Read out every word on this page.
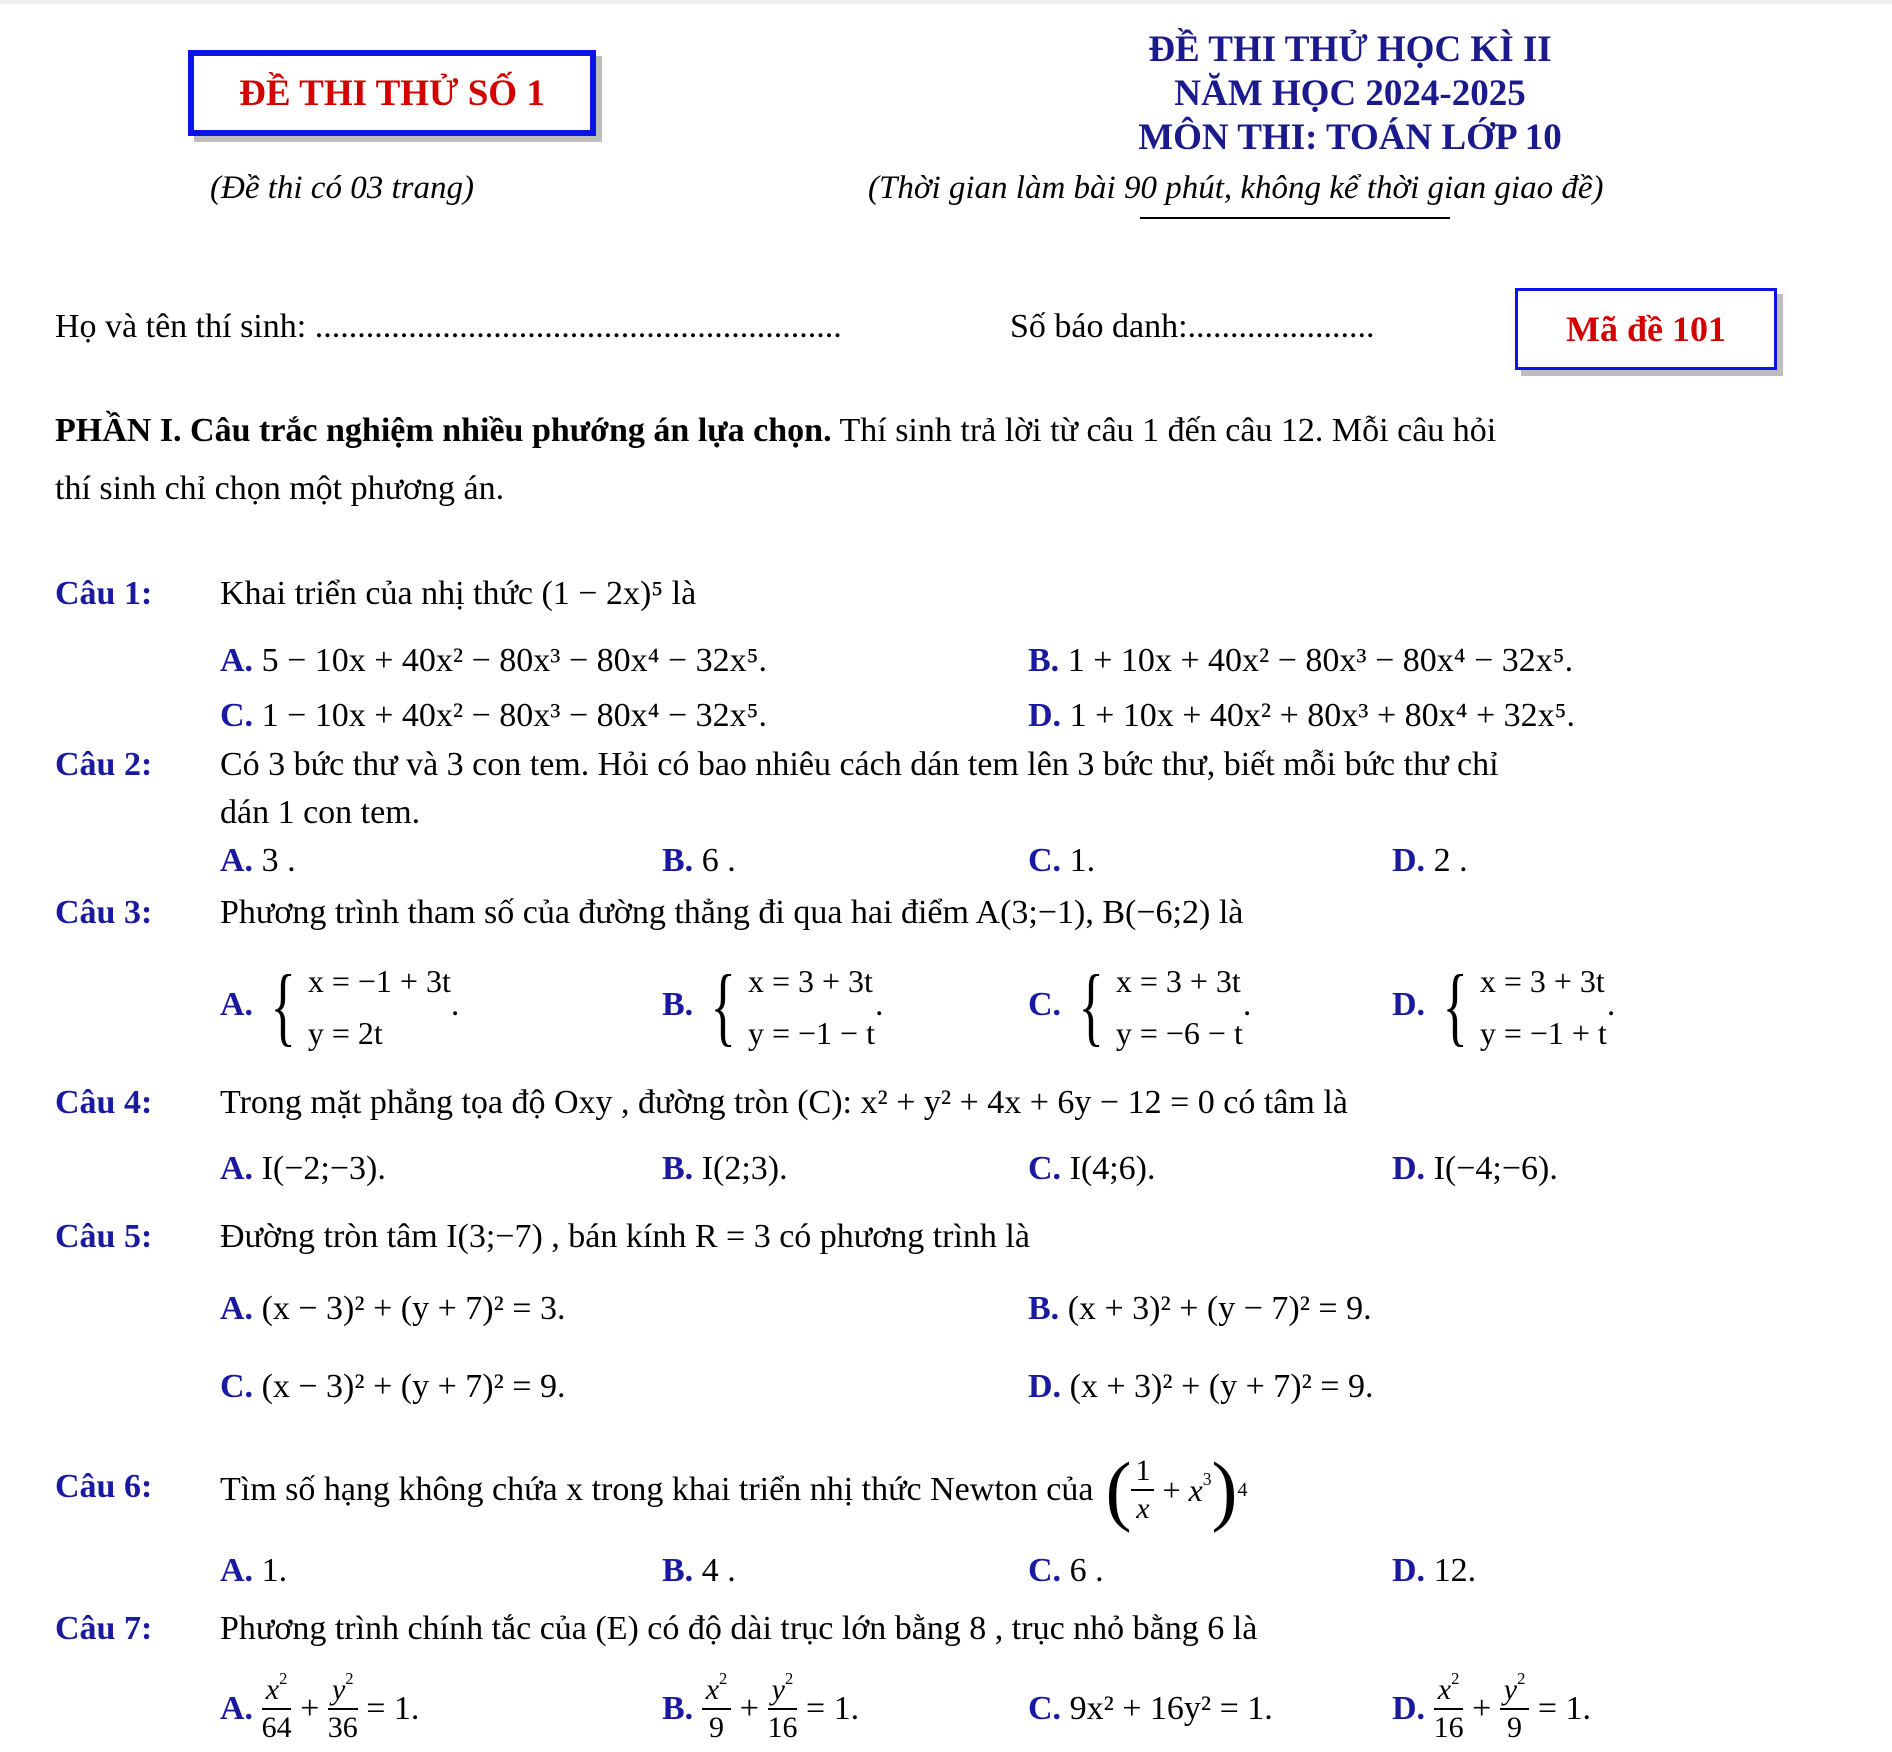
ĐỀ THI THỬ SỐ 1
ĐỀ THI THỬ HỌC KÌ II
NĂM HỌC 2024-2025
MÔN THI: TOÁN LỚP 10
(Đề thi có 03 trang)	(Thời gian làm bài 90 phút, không kể thời gian giao đề)
Họ và tên thí sinh: ..............................................................	Số báo danh:......................	Mã đề 101
PHẦN I. Câu trắc nghiệm nhiều phướng án lựa chọn. Thí sinh trả lời từ câu 1 đến câu 12. Mỗi câu hỏi
thí sinh chỉ chọn một phương án.
Câu 1: Khai triển của nhị thức (1 − 2x)⁵ là
A. 5 − 10x + 40x² − 80x³ − 80x⁴ − 32x⁵.	B. 1 + 10x + 40x² − 80x³ − 80x⁴ − 32x⁵.
C. 1 − 10x + 40x² − 80x³ − 80x⁴ − 32x⁵.	D. 1 + 10x + 40x² + 80x³ + 80x⁴ + 32x⁵.
Câu 2: Có 3 bức thư và 3 con tem. Hỏi có bao nhiêu cách dán tem lên 3 bức thư, biết mỗi bức thư chỉ
dán 1 con tem.
A. 3 .	B. 6 .	C. 1.	D. 2 .
Câu 3: Phương trình tham số của đường thẳng đi qua hai điểm A(3;−1), B(−6;2) là
A. { x = −1 + 3t
y = 2t
.	B. { x = 3 + 3t
y = −1 − t
.	C. { x = 3 + 3t
y = −6 − t
.	D. { x = 3 + 3t
y = −1 + t
.
Câu 4: Trong mặt phẳng tọa độ Oxy , đường tròn (C): x² + y² + 4x + 6y − 12 = 0 có tâm là
A. I(−2;−3).	B. I(2;3).	C. I(4;6).	D. I(−4;−6).
Câu 5: Đường tròn tâm I(3;−7) , bán kính R = 3 có phương trình là
A. (x − 3)² + (y + 7)² = 3.	B. (x + 3)² + (y − 7)² = 9.
C. (x − 3)² + (y + 7)² = 9.	D. (x + 3)² + (y + 7)² = 9.
Câu 6: Tìm số hạng không chứa x trong khai triển nhị thức Newton của ( $\frac{1}{x} + x^3$ ) 4
A. 1.	B. 4 .	C. 6 .	D. 12.
Câu 7: Phương trình chính tắc của (E) có độ dài trục lớn bằng 8 , trục nhỏ bằng 6 là
A.
$\frac{x^2}{64} + \frac{y^2}{36} = 1$.	B.
$\frac{x^2}{9} + \frac{y^2}{16} = 1$.	C. 9x² + 16y² = 1.	D.
$\frac{x^2}{16} + \frac{y^2}{9} = 1$.
